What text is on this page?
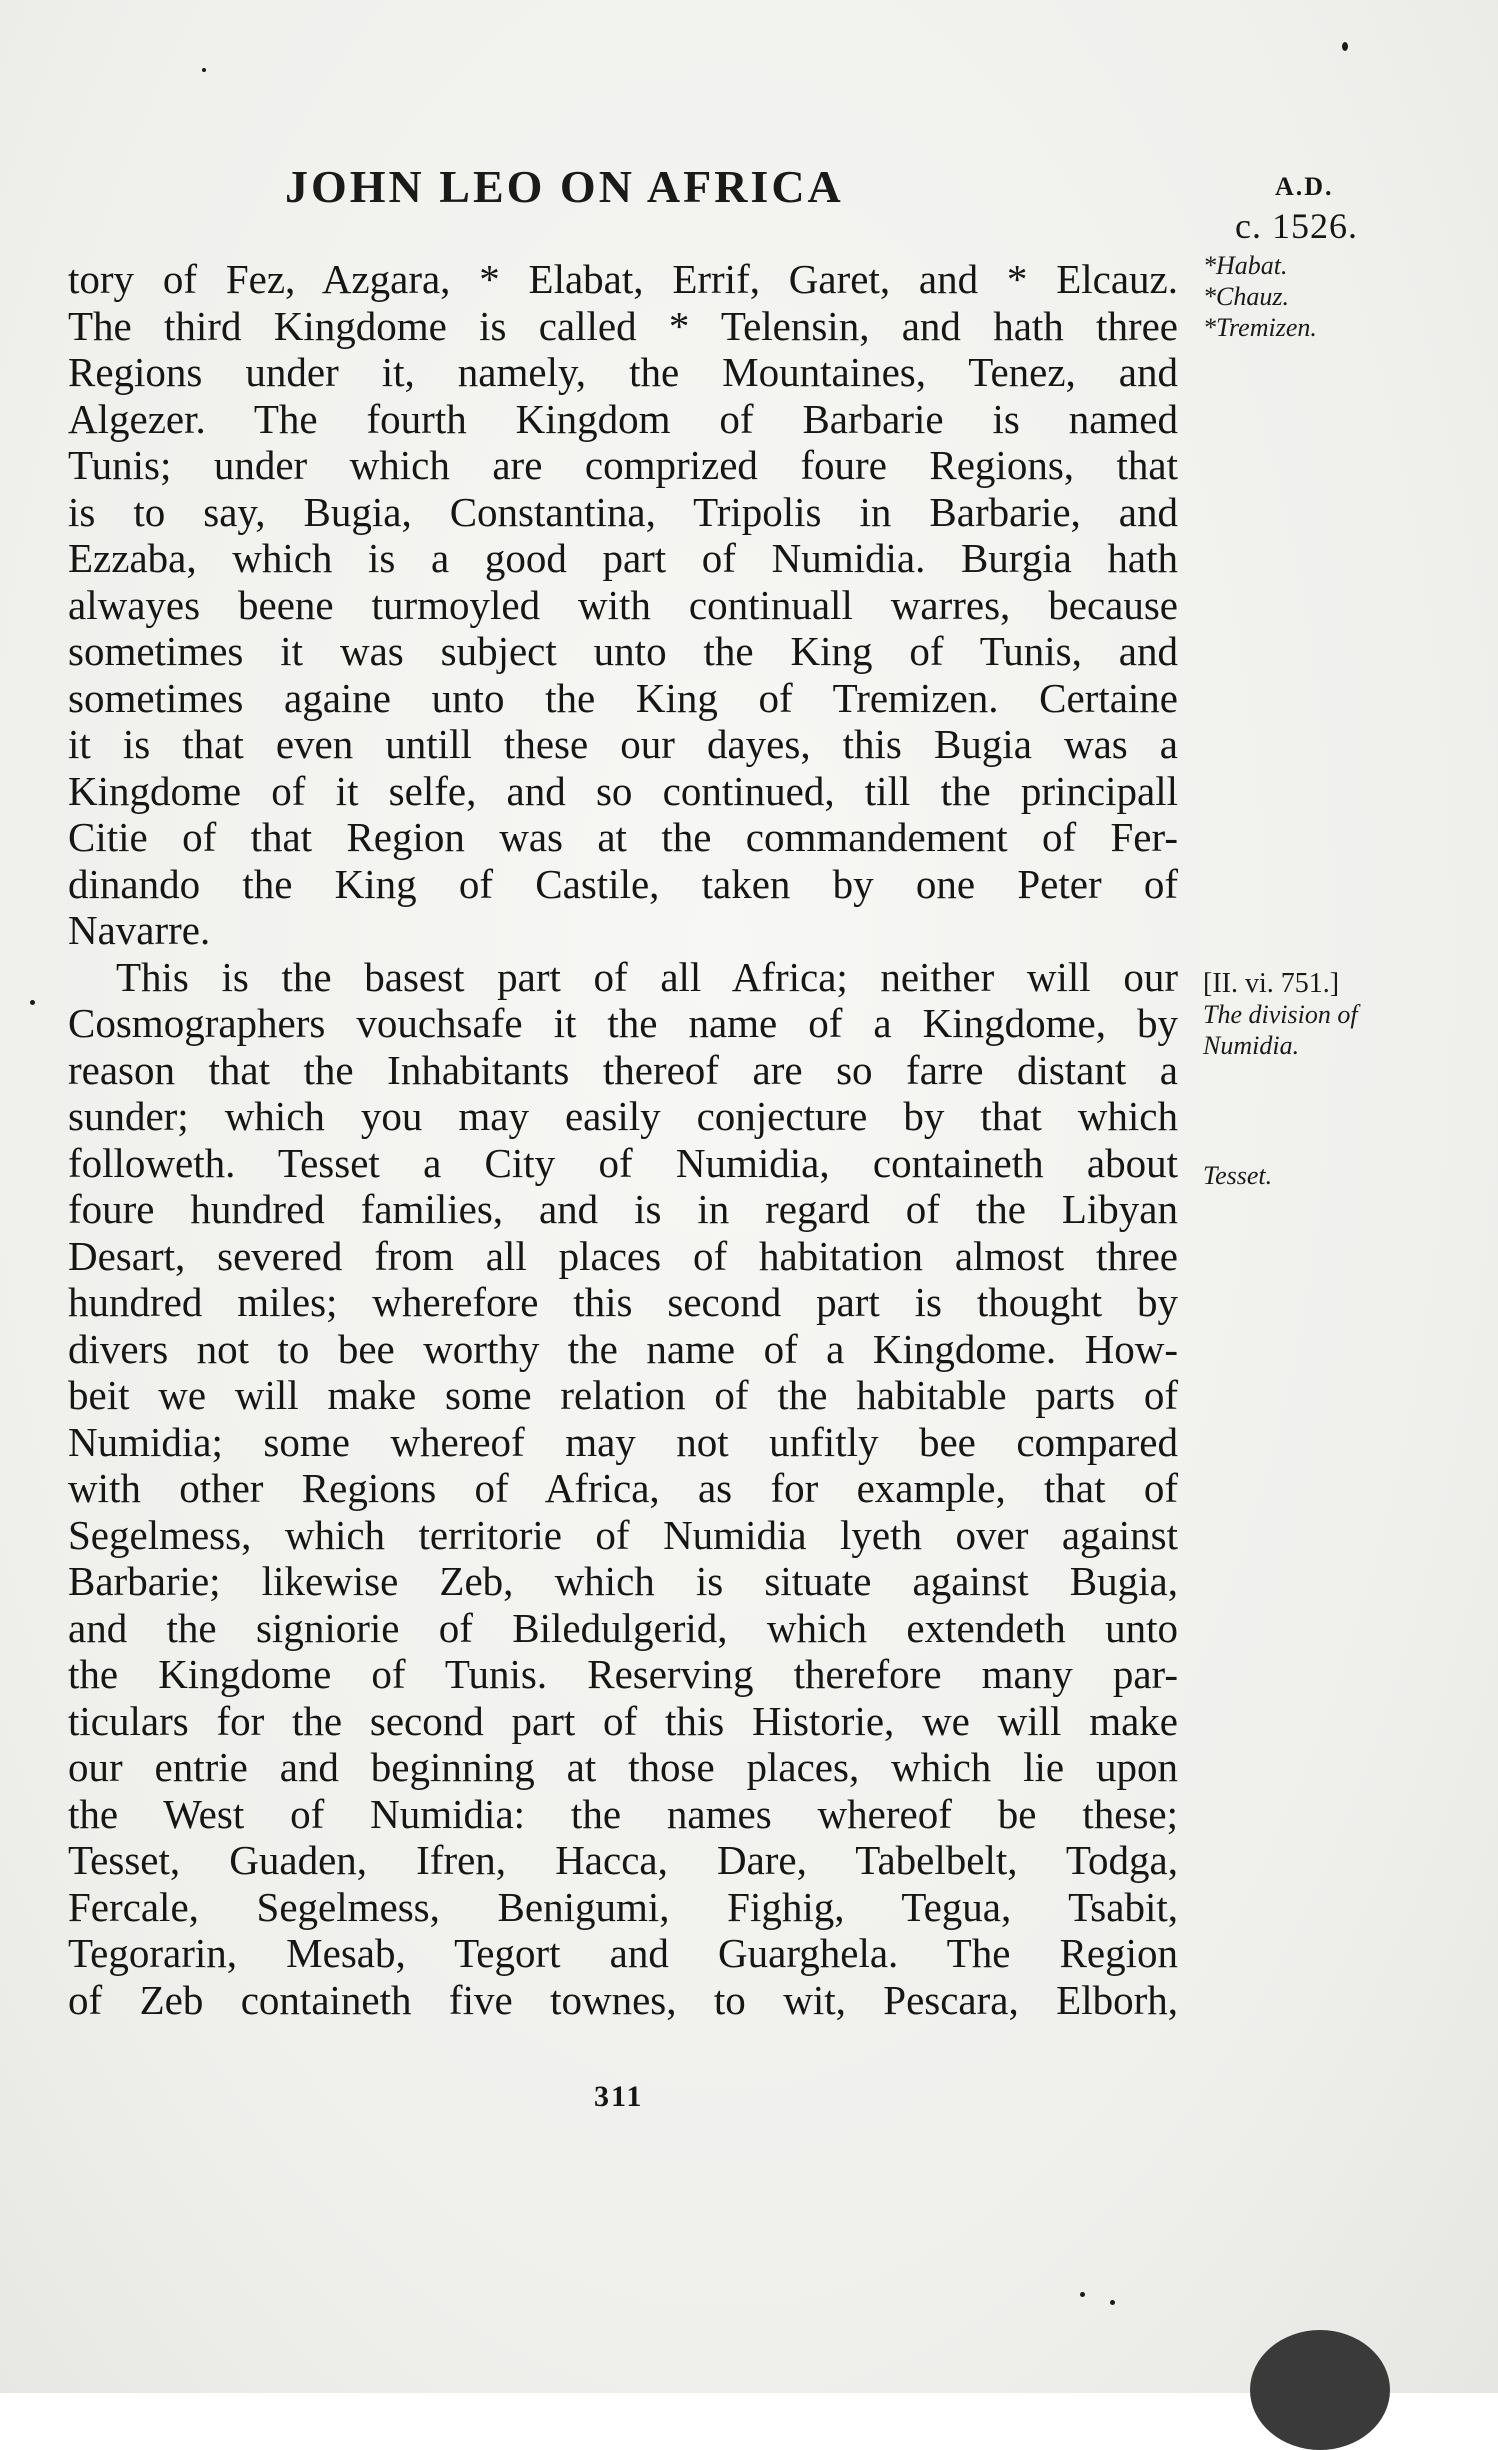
JOHN LEO ON AFRICA	A.D.
c. 1526.
tory of Fez, Azgara, * Elabat, Errif, Garet, and * Elcauz.
The third Kingdome is called * Telensin, and hath three
Regions under it, namely, the Mountaines, Tenez, and
Algezer. The fourth Kingdom of Barbarie is named
Tunis; under which are comprized foure Regions, that
is to say, Bugia, Constantina, Tripolis in Barbarie, and
Ezzaba, which is a good part of Numidia. Burgia hath
alwayes beene turmoyled with continuall warres, because
sometimes it was subject unto the King of Tunis, and
sometimes againe unto the King of Tremizen. Certaine
it is that even untill these our dayes, this Bugia was a
Kingdome of it selfe, and so continued, till the principall
Citie of that Region was at the commandement of Fer-
dinando the King of Castile, taken by one Peter of
Navarre.
This is the basest part of all Africa; neither will our
Cosmographers vouchsafe it the name of a Kingdome, by
reason that the Inhabitants thereof are so farre distant a
sunder; which you may easily conjecture by that which
followeth. Tesset a City of Numidia, containeth about
foure hundred families, and is in regard of the Libyan
Desart, severed from all places of habitation almost three
hundred miles; wherefore this second part is thought by
divers not to bee worthy the name of a Kingdome. How-
beit we will make some relation of the habitable parts of
Numidia; some whereof may not unfitly bee compared
with other Regions of Africa, as for example, that of
Segelmess, which territorie of Numidia lyeth over against
Barbarie; likewise Zeb, which is situate against Bugia,
and the signiorie of Biledulgerid, which extendeth unto
the Kingdome of Tunis. Reserving therefore many par-
ticulars for the second part of this Historie, we will make
our entrie and beginning at those places, which lie upon
the West of Numidia: the names whereof be these;
Tesset, Guaden, Ifren, Hacca, Dare, Tabelbelt, Todga,
Fercale, Segelmess, Benigumi, Fighig, Tegua, Tsabit,
Tegorarin, Mesab, Tegort and Guarghela. The Region
of Zeb containeth five townes, to wit, Pescara, Elborh,
*Habat.
*Chauz.
*Tremizen.
[II. vi. 751.]
The division of
Numidia.
Tesset.
311
